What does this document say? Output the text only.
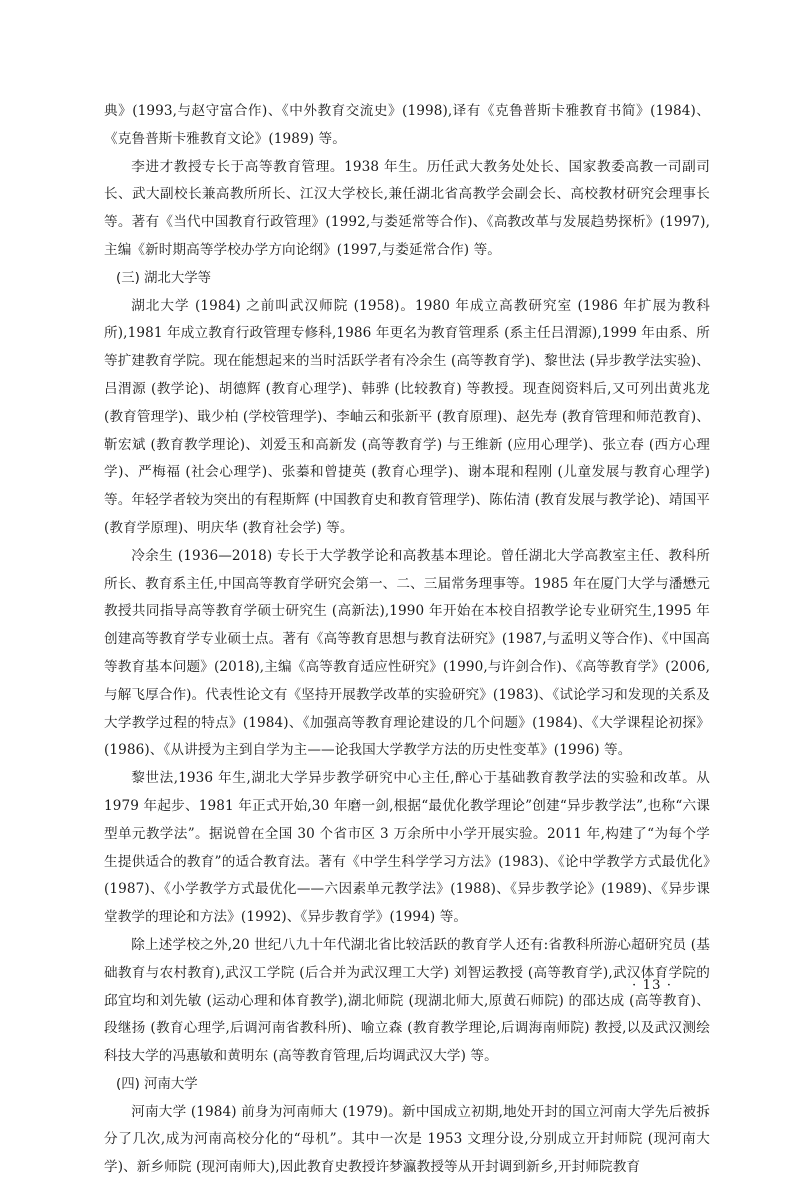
典》(1993,与赵守富合作)、《中外教育交流史》(1998),译有《克鲁普斯卡雅教育书简》(1984)、《克鲁普斯卡雅教育文论》(1989) 等。

李进才教授专长于高等教育管理。1938 年生。历任武大教务处处长、国家教委高教一司副司长、武大副校长兼高教所所长、江汉大学校长,兼任湖北省高教学会副会长、高校教材研究会理事长等。著有《当代中国教育行政管理》(1992,与娄延常等合作)、《高教改革与发展趋势探析》(1997),主编《新时期高等学校办学方向论纲》(1997,与娄延常合作) 等。

(三) 湖北大学等

湖北大学 (1984) 之前叫武汉师院 (1958)。1980 年成立高教研究室 (1986 年扩展为教科所),1981 年成立教育行政管理专修科,1986 年更名为教育管理系 (系主任吕渭源),1999 年由系、所等扩建教育学院。现在能想起来的当时活跃学者有冷余生 (高等教育学)、黎世法 (异步教学法实验)、吕渭源 (教学论)、胡德辉 (教育心理学)、韩骅 (比较教育) 等教授。现查阅资料后,又可列出黄兆龙 (教育管理学)、戢少柏 (学校管理学)、李岫云和张新平 (教育原理)、赵先寿 (教育管理和师范教育)、靳宏斌 (教育教学理论)、刘爱玉和高新发 (高等教育学) 与王维新 (应用心理学)、张立春 (西方心理学)、严梅福 (社会心理学)、张蓁和曾捷英 (教育心理学)、谢本琨和程刚 (儿童发展与教育心理学) 等。年轻学者较为突出的有程斯辉 (中国教育史和教育管理学)、陈佑清 (教育发展与教学论)、靖国平 (教育学原理)、明庆华 (教育社会学) 等。

冷余生 (1936—2018) 专长于大学教学论和高教基本理论。曾任湖北大学高教室主任、教科所所长、教育系主任,中国高等教育学研究会第一、二、三届常务理事等。1985 年在厦门大学与潘懋元教授共同指导高等教育学硕士研究生 (高新法),1990 年开始在本校自招教学论专业研究生,1995 年创建高等教育学专业硕士点。著有《高等教育思想与教育法研究》(1987,与孟明义等合作)、《中国高等教育基本问题》(2018),主编《高等教育适应性研究》(1990,与许剑合作)、《高等教育学》(2006,与解飞厚合作)。代表性论文有《坚持开展教学改革的实验研究》(1983)、《试论学习和发现的关系及大学教学过程的特点》(1984)、《加强高等教育理论建设的几个问题》(1984)、《大学课程论初探》(1986)、《从讲授为主到自学为主——论我国大学教学方法的历史性变革》(1996) 等。

黎世法,1936 年生,湖北大学异步教学研究中心主任,醉心于基础教育教学法的实验和改革。从 1979 年起步、1981 年正式开始,30 年磨一剑,根据“最优化教学理论”创建“异步教学法”,也称“六课型单元教学法”。据说曾在全国 30 个省市区 3 万余所中小学开展实验。2011 年,构建了“为每个学生提供适合的教育”的适合教育法。著有《中学生科学学习方法》(1983)、《论中学教学方式最优化》(1987)、《小学教学方式最优化——六因素单元教学法》(1988)、《异步教学论》(1989)、《异步课堂教学的理论和方法》(1992)、《异步教育学》(1994) 等。

除上述学校之外,20 世纪八九十年代湖北省比较活跃的教育学人还有:省教科所游心超研究员 (基础教育与农村教育),武汉工学院 (后合并为武汉理工大学) 刘智运教授 (高等教育学),武汉体育学院的邱宜均和刘先敏 (运动心理和体育教学),湖北师院 (现湖北师大,原黄石师院) 的邵达成 (高等教育)、段继扬 (教育心理学,后调河南省教科所)、喻立森 (教育教学理论,后调海南师院) 教授,以及武汉测绘科技大学的冯惠敏和黄明东 (高等教育管理,后均调武汉大学) 等。

(四) 河南大学

河南大学 (1984) 前身为河南师大 (1979)。新中国成立初期,地处开封的国立河南大学先后被拆分了几次,成为河南高校分化的“母机”。其中一次是 1953 文理分设,分别成立开封师院 (现河南大学)、新乡师院 (现河南师大),因此教育史教授许梦瀛教授等从开封调到新乡,开封师院教育

· 13 ·
